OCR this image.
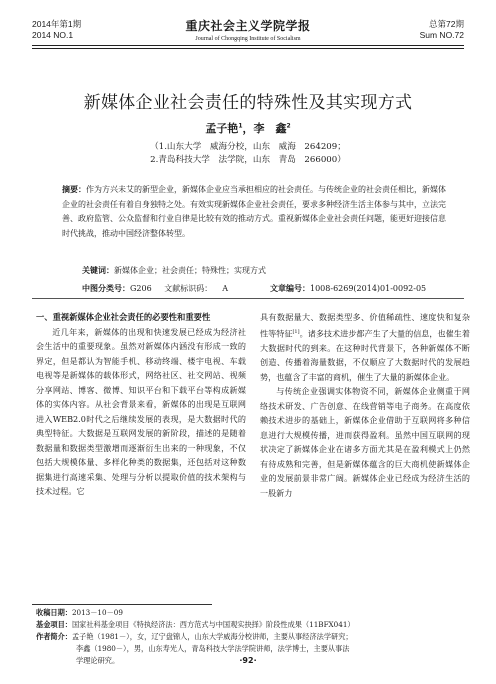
2014年第1期
2014 NO.1
重庆社会主义学院学报
Journal of Chongqing Institute of Socialism
总第72期
Sum NO.72
新媒体企业社会责任的特殊性及其实现方式
孟子艳$^1$，李　鑫$^2$
（1.山东大学　威海分校，山东　威海　264209；
2.青岛科技大学　法学院，山东　青岛　266000）
摘要：作为方兴未艾的新型企业，新媒体企业应当承担相应的社会责任。与传统企业的社会责任相比，新媒体企业的社会责任有着自身独特之处。有效实现新媒体企业社会责任，要求多种经济生活主体参与其中，立法完善、政府监管、公众监督和行业自律是比较有效的推动方式。重视新媒体企业社会责任问题，能更好迎接信息时代挑战，推动中国经济整体转型。
关键词：新媒体企业；社会责任；特殊性；实现方式
中图分类号：G206 文献标识码： A	文章编号：1008-6269(2014)01-0092-05

一、重视新媒体企业社会责任的必要性和重要性

近几年来，新媒体的出现和快速发展已经成为经济社会生活中的重要现象。虽然对新媒体内涵没有形成一致的界定，但是都认为智能手机、移动终端、楼宇电视、车载电视等是新媒体的载体形式，网络社区、社交网站、视频分享网站、博客、微博、知识平台和下载平台等构成新媒体的实体内容。从社会背景来看，新媒体的出现是互联网进入WEB2.0时代之后继续发展的表现，是大数据时代的典型特征。大数据是互联网发展的新阶段，描述的是随着数据量和数据类型激增而逐渐衍生出来的一种现象，不仅包括大规模体量、多样化种类的数据集，还包括对这种数据集进行高速采集、处理与分析以提取价值的技术架构与技术过程。它

具有数据量大、数据类型多、价值稀疏性、速度快和复杂性等特征[1]。诸多技术进步都产生了大量的信息，也催生着大数据时代的到来。在这种时代背景下，各种新媒体不断创造、传播着海量数据，不仅顺应了大数据时代的发展趋势，也蕴含了丰富的商机，催生了大量的新媒体企业。

与传统企业强调实体物资不同，新媒体企业侧重于网络技术研发、广告创意、在线营销等电子商务。在高度依赖技术进步的基础上，新媒体企业借助于互联网将多种信息进行大规模传播，进而获得盈利。虽然中国互联网的现状决定了新媒体企业在诸多方面尤其是在盈利模式上仍然有待成熟和完善，但是新媒体蕴含的巨大商机使新媒体企业的发展前景非常广阔。新媒体企业已经成为经济生活的一股新力

收稿日期：2013－10－09
基金项目：国家社科基金项目《特执经济法：西方范式与中国观实抉择》阶段性成果（11BFX041）
作者简介：孟子艳（1981－），女，辽宁盘锦人，山东大学威海分校讲师，主要从事经济法学研究；
李鑫（1980－），男，山东寿光人，青岛科技大学法学院讲师，法学博士，主要从事法
学理论研究。	·92·
